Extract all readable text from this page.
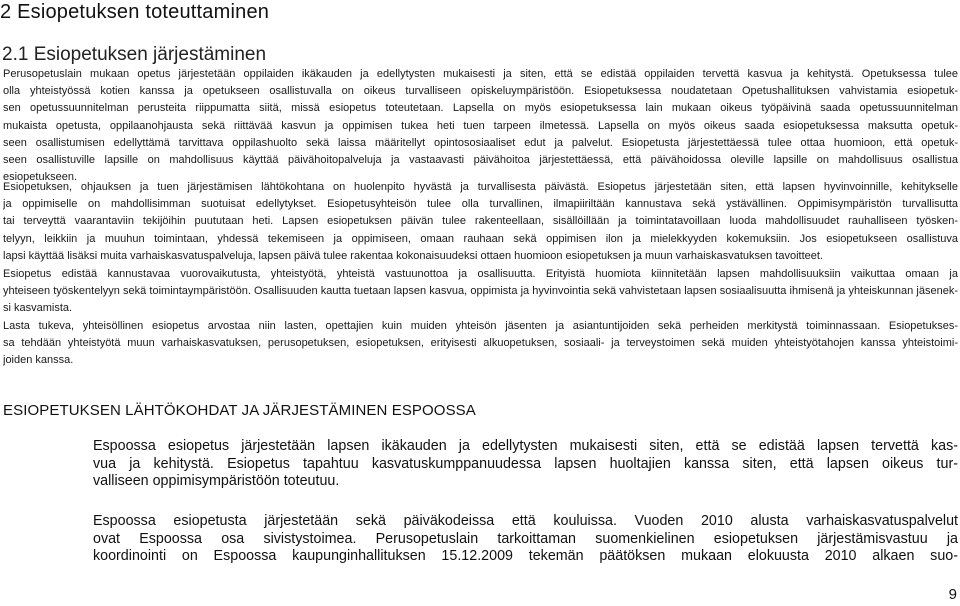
2 Esiopetuksen toteuttaminen
2.1 Esiopetuksen järjestäminen
Perusopetuslain mukaan opetus järjestetään oppilaiden ikäkauden ja edellytysten mukaisesti ja siten, että se edistää oppilaiden tervettä kasvua ja kehitystä. Opetuksessa tulee
olla yhteistyössä kotien kanssa ja opetukseen osallistuvalla on oikeus turvalliseen opiskeluympäristöön. Esiopetuksessa noudatetaan Opetushallituksen vahvistamia esiopetuk-
sen opetussuunnitelman perusteita riippumatta siitä, missä esiopetus toteutetaan. Lapsella on myös esiopetuksessa lain mukaan oikeus työpäivinä saada opetussuunnitelman
mukaista opetusta, oppilaanohjausta sekä riittävää kasvun ja oppimisen tukea heti tuen tarpeen ilmetessä. Lapsella on myös oikeus saada esiopetuksessa maksutta opetuk-
seen osallistumisen edellyttämä tarvittava oppilashuolto sekä laissa määritellyt opintososiaaliset edut ja palvelut. Esiopetusta järjestettäessä tulee ottaa huomioon, että opetuk-
seen osallistuville lapsille on mahdollisuus käyttää päivähoitopalveluja ja vastaavasti päivähoitoa järjestettäessä, että päivähoidossa oleville lapsille on mahdollisuus osallistua
esiopetukseen.
Esiopetuksen, ohjauksen ja tuen järjestämisen lähtökohtana on huolenpito hyvästä ja turvallisesta päivästä. Esiopetus järjestetään siten, että lapsen hyvinvoinnille, kehitykselle
ja oppimiselle on mahdollisimman suotuisat edellytykset. Esiopetusyhteisön tulee olla turvallinen, ilmapiiriltään kannustava sekä ystävällinen. Oppimisympäristön turvallisutta
tai terveyttä vaarantaviin tekijöihin puututaan heti. Lapsen esiopetuksen päivän tulee rakenteellaan, sisällöillään ja toimintatavoillaan luoda mahdollisuudet rauhalliseen työsken-
telyyn, leikkiin ja muuhun toimintaan, yhdessä tekemiseen ja oppimiseen, omaan rauhaan sekä oppimisen ilon ja mielekkyyden kokemuksiin. Jos esiopetukseen osallistuva
lapsi käyttää lisäksi muita varhaiskasvatuspalveluja, lapsen päivä tulee rakentaa kokonaisuudeksi ottaen huomioon esiopetuksen ja muun varhaiskasvatuksen tavoitteet.
Esiopetus edistää kannustavaa vuorovaikutusta, yhteistyötä, yhteistä vastuunottoa ja osallisuutta. Erityistä huomiota kiinnitetään lapsen mahdollisuuksiin vaikuttaa omaan ja
yhteiseen työskentelyyn sekä toimintaympäristöön. Osallisuuden kautta tuetaan lapsen kasvua, oppimista ja hyvinvointia sekä vahvistetaan lapsen sosiaalisuutta ihmisenä ja yhteiskunnan jäsenek-
si kasvamista.
Lasta tukeva, yhteisöllinen esiopetus arvostaa niin lasten, opettajien kuin muiden yhteisön jäsenten ja asiantuntijoiden sekä perheiden merkitystä toiminnassaan. Esiopetukses-
sa tehdään yhteistyötä muun varhaiskasvatuksen, perusopetuksen, esiopetuksen, erityisesti alkuopetuksen, sosiaali- ja terveystoimen sekä muiden yhteistyötahojen kanssa yhteistoimi-
joiden kanssa.
ESIOPETUKSEN LÄHTÖKOHDAT JA JÄRJESTÄMINEN ESPOOSSA
Espoossa esiopetus järjestetään lapsen ikäkauden ja edellytysten mukaisesti siten, että se edistää lapsen tervettä kas-
vua ja kehitystä. Esiopetus tapahtuu kasvatuskumppanuudessa lapsen huoltajien kanssa siten, että lapsen oikeus tur-
valliseen oppimisympäristöön toteutuu.
Espoossa esiopetusta järjestetään sekä päiväkodeissa että kouluissa. Vuoden 2010 alusta varhaiskasvatuspalvelut
ovat Espoossa osa sivistystoimea. Perusopetuslain tarkoittaman suomenkielinen esiopetuksen järjestämisvastuu ja
koordinointi on Espoossa kaupunginhallituksen 15.12.2009 tekemän päätöksen mukaan elokuusta 2010 alkaen suo-
9
